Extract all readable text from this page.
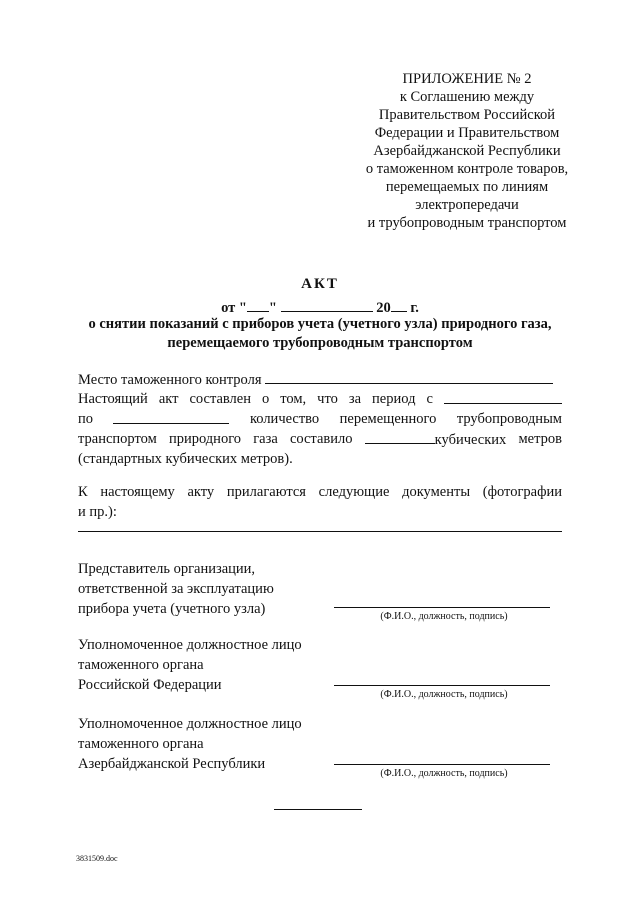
ПРИЛОЖЕНИЕ № 2
к Соглашению между
Правительством Российской
Федерации и Правительством
Азербайджанской Республики
о таможенном контроле товаров,
перемещаемых по линиям
электропередачи
и трубопроводным транспортом
АКТ
от " "	20 г.
о снятии показаний с приборов учета (учетного узла) природного газа,
перемещаемого трубопроводным транспортом
Место таможенного контроля
Настоящий акт составлен о том, что за период с
по	количество перемещенного трубопроводным
транспортом природного газа составило	кубических метров
(стандартных кубических метров).
К настоящему акту прилагаются следующие документы (фотографии
и пр.):
Представитель организации,
ответственной за эксплуатацию
прибора учета (учетного узла)	(Ф.И.О., должность, подпись)
Уполномоченное должностное лицо
таможенного органа
Российской Федерации
(Ф.И.О., должность, подпись)
Уполномоченное должностное лицо
таможенного органа
Азербайджанской Республики
(Ф.И.О., должность, подпись)
3831509.doc
